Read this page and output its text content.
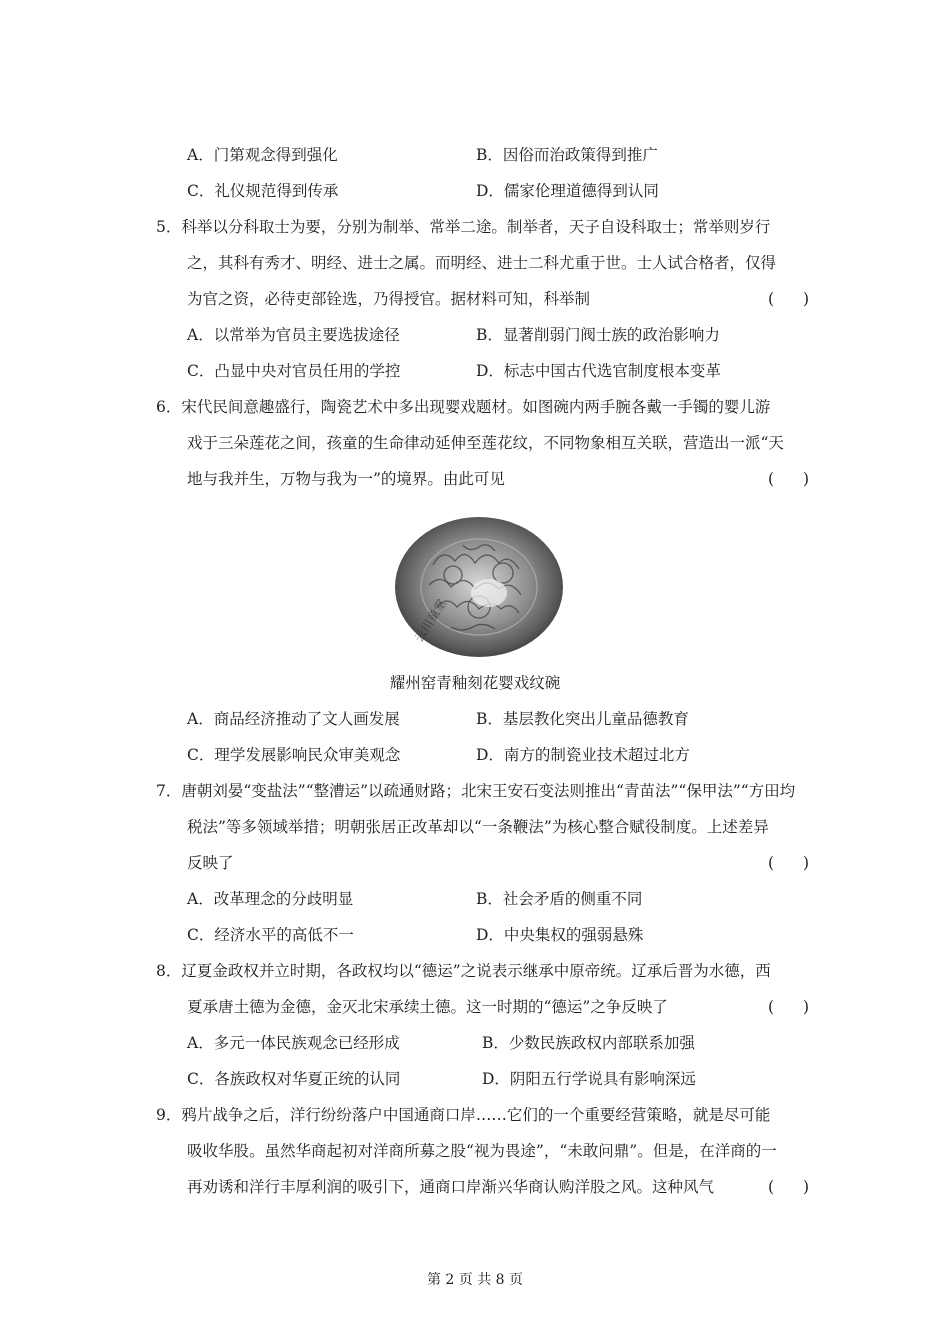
A．门第观念得到强化	B．因俗而治政策得到推广
C．礼仪规范得到传承	D．儒家伦理道德得到认同
5．科举以分科取士为要，分别为制举、常举二途。制举者，天子自设科取士；常举则岁行
之，其科有秀才、明经、进士之属。而明经、进士二科尤重于世。士人试合格者，仅得
为官之资，必待吏部铨选，乃得授官。据材料可知，科举制	( )
A．以常举为官员主要选拔途径	B．显著削弱门阀士族的政治影响力
C．凸显中央对官员任用的学控	D．标志中国古代选官制度根本变革
6．宋代民间意趣盛行，陶瓷艺术中多出现婴戏题材。如图碗内两手腕各戴一手镯的婴儿游
戏于三朵莲花之间，孩童的生命律动延伸至莲花纹，不同物象相互关联，营造出一派“天
地与我并生，万物与我为一”的境界。由此可见	( )
云川童堂
耀州窑青釉刻花婴戏纹碗
A．商品经济推动了文人画发展	B．基层教化突出儿童品德教育
C．理学发展影响民众审美观念	D．南方的制瓷业技术超过北方
7．唐朝刘晏“变盐法”“整漕运”以疏通财路；北宋王安石变法则推出“青苗法”“保甲法”“方田均
税法”等多领域举措；明朝张居正改革却以“一条鞭法”为核心整合赋役制度。上述差异
反映了	( )
A．改革理念的分歧明显	B．社会矛盾的侧重不同
C．经济水平的高低不一	D．中央集权的强弱悬殊
8．辽夏金政权并立时期，各政权均以“德运”之说表示继承中原帝统。辽承后晋为水德，西
夏承唐土德为金德，金灭北宋承续土德。这一时期的“德运”之争反映了	( )
A．多元一体民族观念已经形成	B．少数民族政权内部联系加强
C．各族政权对华夏正统的认同	D．阴阳五行学说具有影响深远
9．鸦片战争之后，洋行纷纷落户中国通商口岸……它们的一个重要经营策略，就是尽可能
吸收华股。虽然华商起初对洋商所募之股“视为畏途”，“未敢问鼎”。但是，在洋商的一
再劝诱和洋行丰厚利润的吸引下，通商口岸渐兴华商认购洋股之风。这种风气	( )
第 2 页 共 8 页
